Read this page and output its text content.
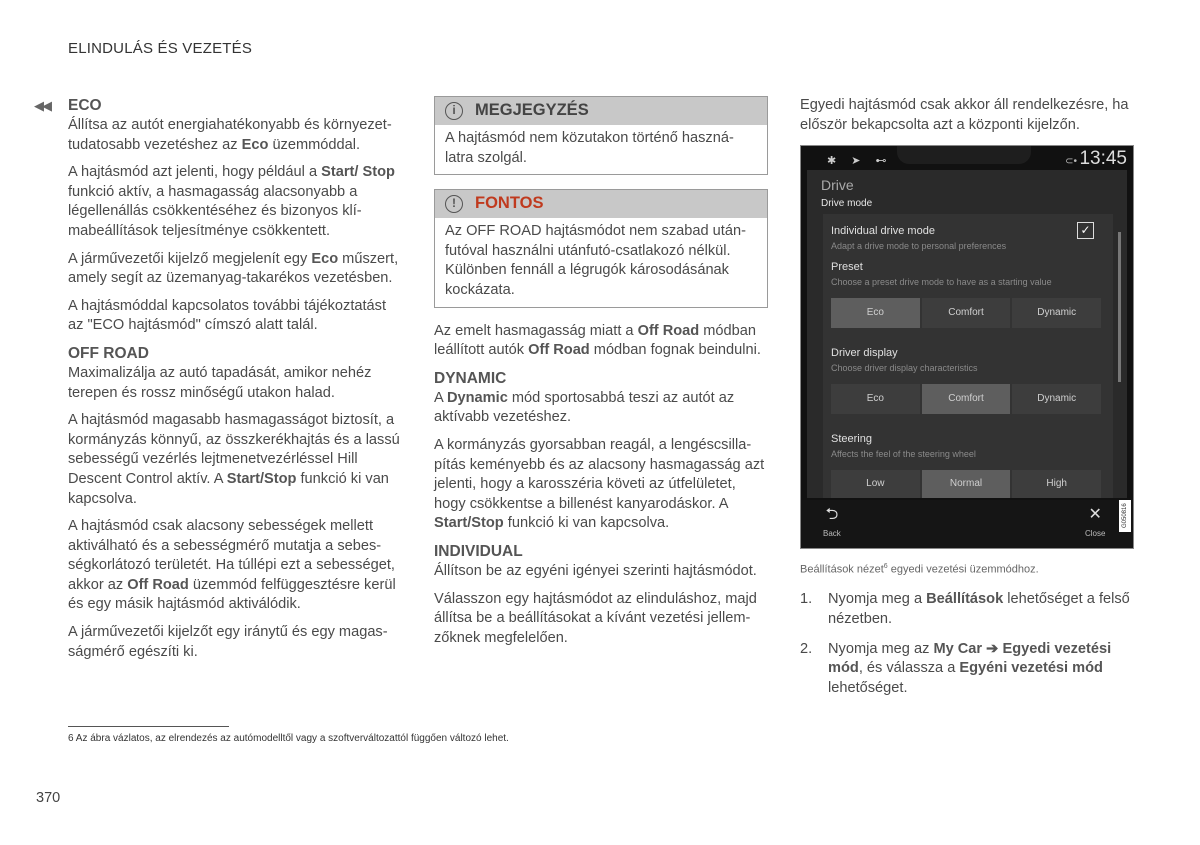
ELINDULÁS ÉS VEZETÉS
◀◀ ECO

Állítsa az autót energiahatékonyabb és környezettudatosabb vezetéshez az Eco üzemmóddal.

A hajtásmód azt jelenti, hogy például a Start/ Stop funkció aktív, a hasmagasság alacsonyabb a légellenállás csökkentéséhez és bizonyos klímabeállítások teljesítménye csökkentett.

A járművezetői kijelző megjelenít egy Eco műszert, amely segít az üzemanyag-takarékos vezetésben.

A hajtásmóddal kapcsolatos további tájékoztatást az "ECO hajtásmód" címszó alatt talál.

OFF ROAD

Maximalizálja az autó tapadását, amikor nehéz terepen és rossz minőségű utakon halad.

A hajtásmód magasabb hasmagasságot biztosít, a kormányzás könnyű, az összkerékhajtás és a lassú sebességű vezérlés lejtmenetvezérléssel Hill Descent Control aktív. A Start/Stop funkció ki van kapcsolva.

A hajtásmód csak alacsony sebességek mellett aktiválható és a sebességmérő mutatja a sebességkorlátozó területét. Ha túllépi ezt a sebességet, akkor az Off Road üzemmód felfüggesztésre kerül és egy másik hajtásmód aktiválódik.

A járművezetői kijelzőt egy iránytű és egy magasságmérő egészíti ki.

i	MEGJEGYZÉS

A hajtásmód nem közutakon történő használatra szolgál.

!	FONTOS

Az OFF ROAD hajtásmódot nem szabad utánfutóval használni utánfutó-csatlakozó nélkül. Különben fennáll a légrugók károsodásának kockázata.

Az emelt hasmagasság miatt a Off Road módban leállított autók Off Road módban fognak beindulni.

DYNAMIC

A Dynamic mód sportosabbá teszi az autót az aktívabb vezetéshez.

A kormányzás gyorsabban reagál, a lengéscsillapítás keményebb és az alacsony hasmagasság azt jelenti, hogy a karosszéria követi az útfelületet, hogy csökkentse a billenést kanyarodáskor. A Start/Stop funkció ki van kapcsolva.

INDIVIDUAL

Állítson be az egyéni igényei szerinti hajtásmódot.

Válasszon egy hajtásmódot az elinduláshoz, majd állítsa be a beállításokat a kívánt vezetési jellemzőknek megfelelően.

Egyedi hajtásmód csak akkor áll rendelkezésre, ha először bekapcsolta azt a központi kijelzőn.

✱ ➤ ⊷	⊂• 13:45
Drive
Drive mode
Individual drive mode
Adapt a drive mode to personal preferences
✓
Preset
Choose a preset drive mode to have as a starting value
Eco	Comfort	Dynamic
Driver display
Choose driver display characteristics
Eco	Comfort	Dynamic
Steering
Affects the feel of the steering wheel
Low	Normal	High
⮌
Back
✕
Close
G050816
Beállítások nézet$^6$ egyedi vezetési üzemmódhoz.
1. Nyomja meg a Beállítások lehetőséget a felső nézetben.
2. Nyomja meg az My Car ➔ Egyedi vezetési mód, és válassza a Egyéni vezetési mód lehetőséget.
6 Az ábra vázlatos, az elrendezés az autómodelltől vagy a szoftverváltozattól függően változó lehet.
370
